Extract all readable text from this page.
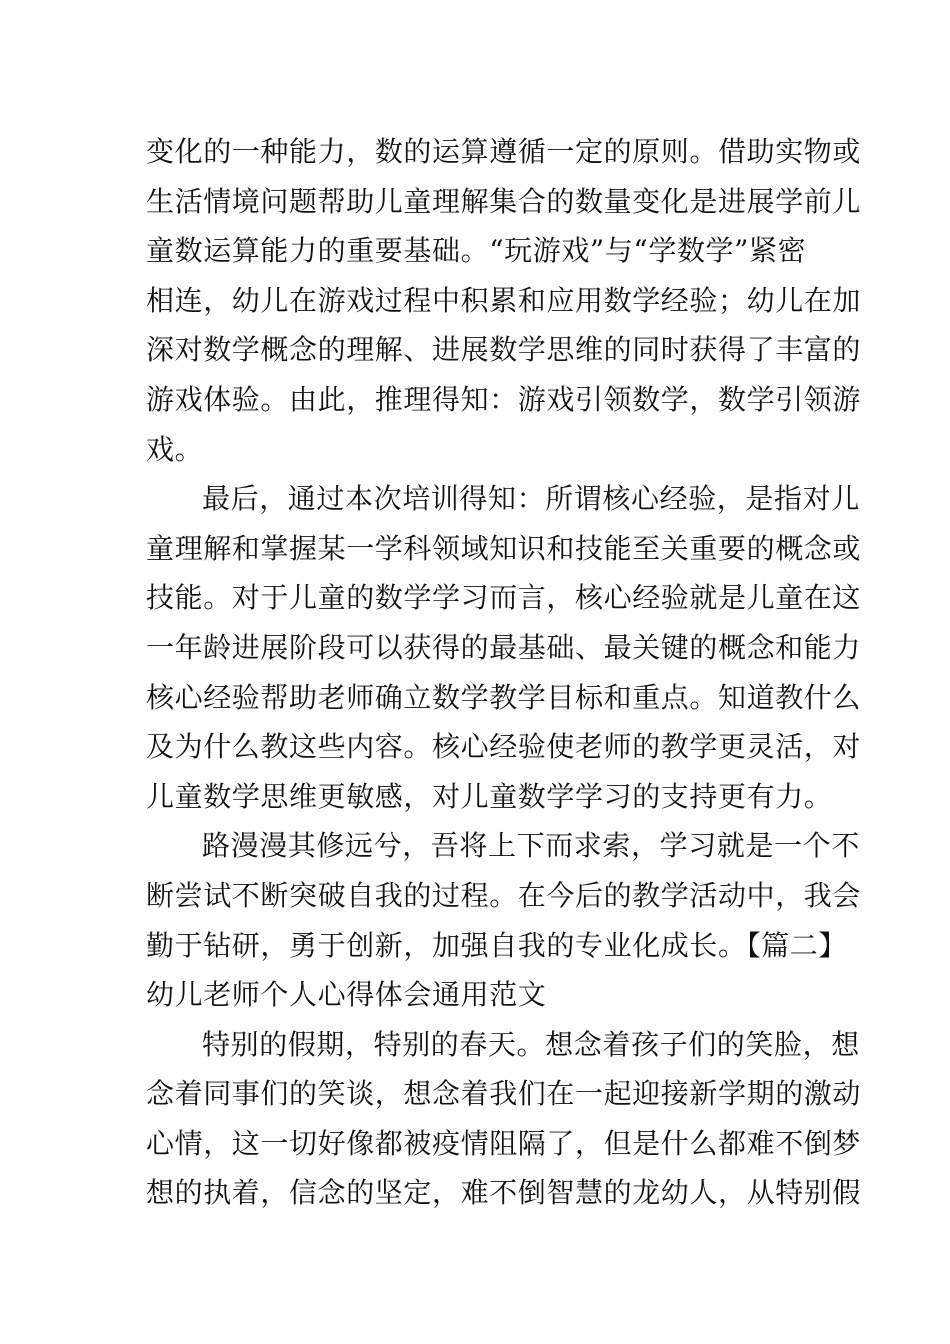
变化的一种能力，数的运算遵循一定的原则。借助实物或
生活情境问题帮助儿童理解集合的数量变化是进展学前儿
童数运算能力的重要基础。“玩游戏”与“学数学”紧密
相连，幼儿在游戏过程中积累和应用数学经验；幼儿在加
深对数学概念的理解、进展数学思维的同时获得了丰富的
游戏体验。由此，推理得知：游戏引领数学，数学引领游
戏。
最后，通过本次培训得知：所谓核心经验，是指对儿
童理解和掌握某一学科领域知识和技能至关重要的概念或
技能。对于儿童的数学学习而言，核心经验就是儿童在这
一年龄进展阶段可以获得的最基础、最关键的概念和能力
核心经验帮助老师确立数学教学目标和重点。知道教什么
及为什么教这些内容。核心经验使老师的教学更灵活，对
儿童数学思维更敏感，对儿童数学学习的支持更有力。
路漫漫其修远兮，吾将上下而求索，学习就是一个不
断尝试不断突破自我的过程。在今后的教学活动中，我会
勤于钻研，勇于创新，加强自我的专业化成长。【篇二】
幼儿老师个人心得体会通用范文
特别的假期，特别的春天。想念着孩子们的笑脸，想
念着同事们的笑谈，想念着我们在一起迎接新学期的激动
心情，这一切好像都被疫情阻隔了，但是什么都难不倒梦
想的执着，信念的坚定，难不倒智慧的龙幼人，从特别假
